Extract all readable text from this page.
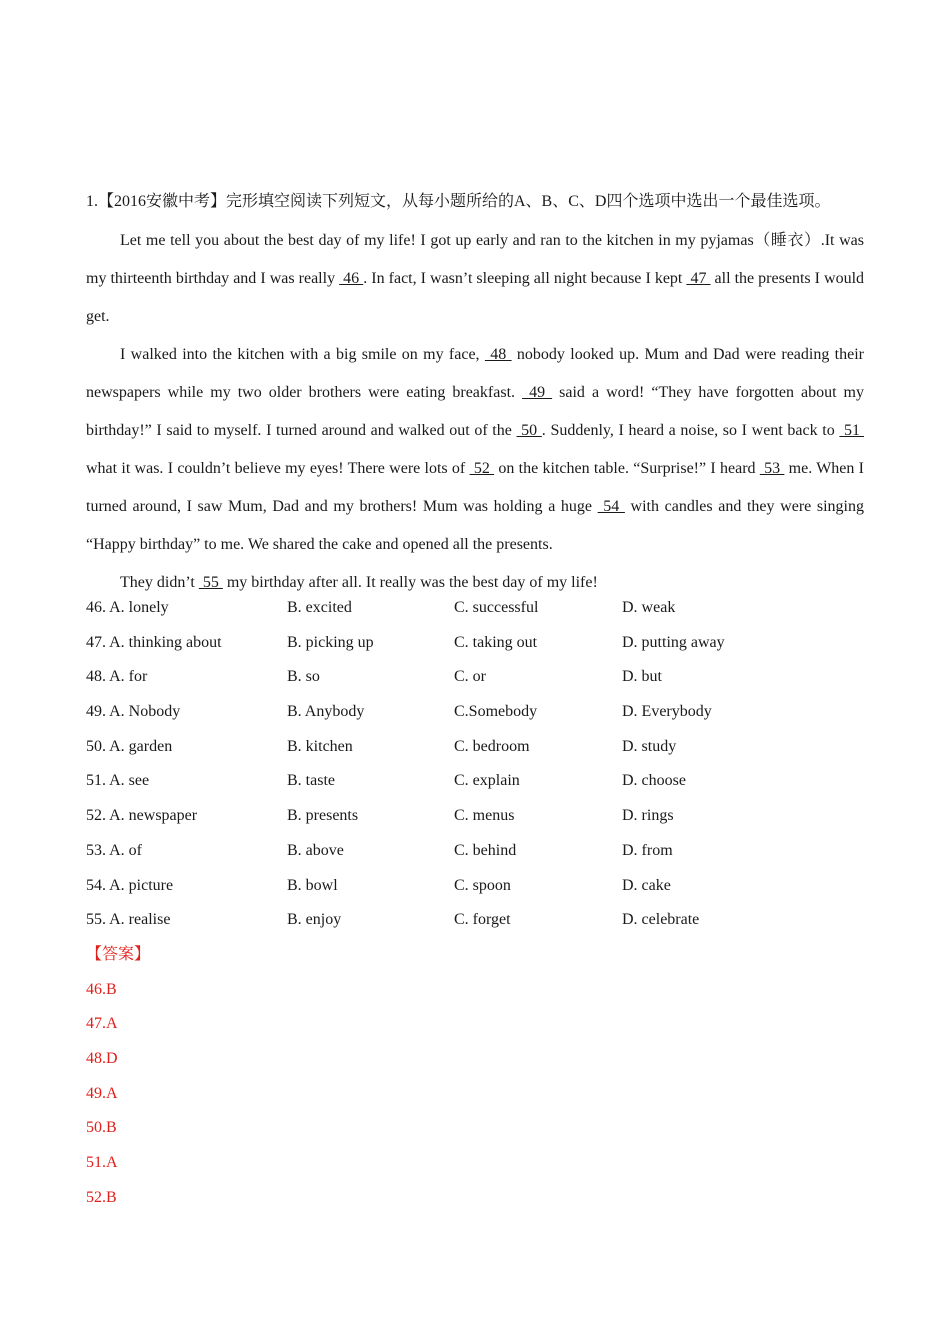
1.【2016安徽中考】完形填空阅读下列短文，从每小题所给的A、B、C、D四个选项中选出一个最佳选项。

Let me tell you about the best day of my life! I got up early and ran to the kitchen in my pyjamas（睡衣）.It was my thirteenth birthday and I was really  46 . In fact, I wasn’t sleeping all night because I kept  47  all the presents I would get.

I walked into the kitchen with a big smile on my face,  48  nobody looked up. Mum and Dad were reading their newspapers while my two older brothers were eating breakfast.  49  said a word! “They have forgotten about my birthday!” I said to myself. I turned around and walked out of the  50 . Suddenly, I heard a noise, so I went back to  51  what it was. I couldn’t believe my eyes! There were lots of  52  on the kitchen table. “Surprise!” I heard  53  me. When I turned around, I saw Mum, Dad and my brothers! Mum was holding a huge  54  with candles and they were singing “Happy birthday” to me. We shared the cake and opened all the presents.

They didn’t  55  my birthday after all. It really was the best day of my life!

46. A. lonely	B. excited	C. successful	D. weak
47. A. thinking about	B. picking up	C. taking out	D. putting away
48. A. for	B. so	C. or	D. but
49. A. Nobody	B. Anybody	C.Somebody	D. Everybody
50. A. garden	B. kitchen	C. bedroom	D. study
51. A. see	B. taste	C. explain	D. choose
52. A. newspaper	B. presents	C. menus	D. rings
53. A. of	B. above	C. behind	D. from
54. A. picture	B. bowl	C. spoon	D. cake
55. A. realise	B. enjoy	C. forget	D. celebrate
【答案】
46.B
47.A
48.D
49.A
50.B
51.A
52.B
